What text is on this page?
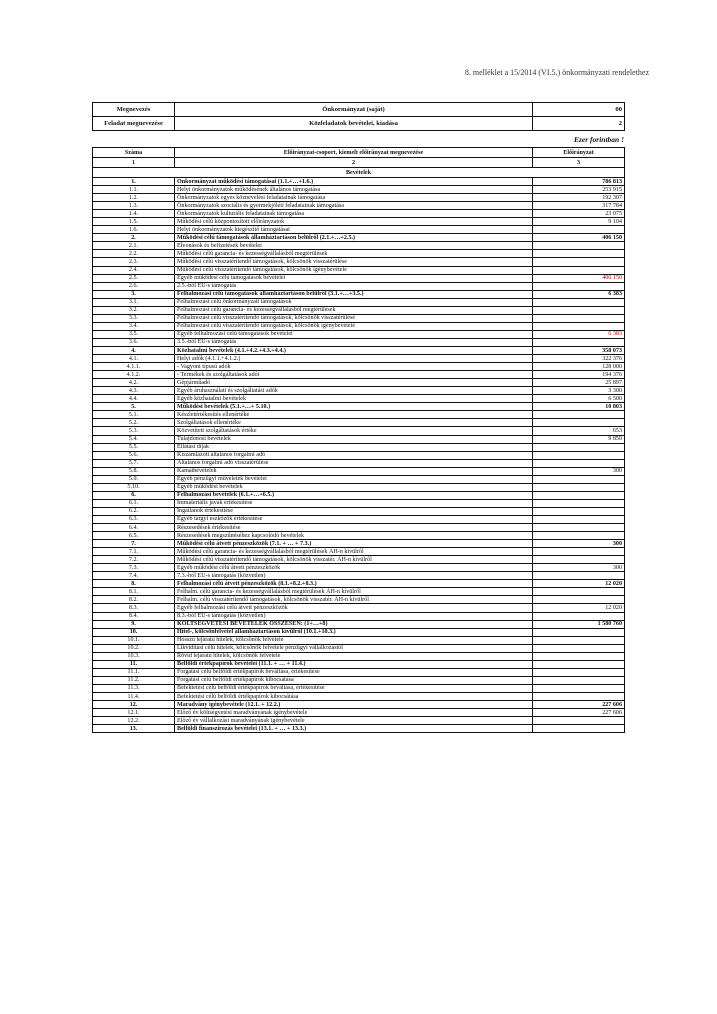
8. melléklet a 15/2014 (VI.5.) önkormányzati rendelethez
Megnevezés	Önkormányzat (saját)	00
Feladat megnevezése	Közfeladatok bevételei, kiadása	2
Ezer forintban !
Száma	Előirányzat-csoport, kiemelt előirányzat megnevezése	Előirányzat
1	2	3
Bevételek		
1.	Önkormányzat működési támogatásai (1.1.+…+1.6.)	786 813
1.1.	Helyi önkormányzatok működésének általános támogatása	253 915
1.2.	Önkormányzatok egyes köznevelési feladatainak támogatása	192 307
1.3.	Önkormányzatok szociális és gyermekjóléti feladatainak támogatása	317 784
1.4.	Önkormányzatok kulturális feladatainak támogatása	23 075
1.5.	Működési célú központosított előirányzatok	9 104
1.6.	Helyi önkormányzatok kiegészítő támogatásai	
2.	Működési célú támogatások államháztartáson belülről (2.1.+…+2.5.)	406 150
2.1.	Elvonások és befizetések bevételei	
2.2.	Működési célú garancia- és kezességvállalásból megtérülések	
2.3.	Működési célú visszatérítendő támogatások, kölcsönök visszatérülése	
2.4.	Működési célú visszatérítendő támogatások, kölcsönök igénybevétele	
2.5.	Egyéb működési célú támogatások bevételei	406 150
2.6.	2.5.-ből EU-s támogatás	
3.	Felhalmozási célú támogatások államháztartáson belülről (3.1.+…+3.5.)	6 383
3.1.	Felhalmozási célú önkormányzati támogatások	
3.2.	Felhalmozási célú garancia- és kezességvállalásból megtérülések	
3.3.	Felhalmozási célú visszatérítendő támogatások, kölcsönök visszatérülése	
3.4.	Felhalmozási célú visszatérítendő támogatások, kölcsönök igénybevétele	
3.5.	Egyéb felhalmozási célú támogatások bevételei	6 383
3.6.	3.5.-ből EU-s támogatás	
4.	Közhatalmi bevételek (4.1.+4.2.+4.3.+4.4.)	358 073
4.1.	Helyi adók (4.1.1.+4.1.2.)	322 376
4.1.1.	- Vagyoni típusú adók	128 000
4.1.2.	- Termékek és szolgáltatások adói	194 376
4.2.	Gépjárműadó	25 897
4.3.	Egyéb áruhasználati és szolgáltatási adók	3 300
4.4.	Egyéb közhatalmi bevételek	6 500
5.	Működési bevételek (5.1.+…+ 5.10.)	10 803
5.1.	Készletértékesítés ellenértéke	
5.2.	Szolgáltatások ellenértéke	
5.3.	Közvetített szolgáltatások értéke	653
5.4.	Tulajdonosi bevételek	9 850
5.5.	Ellátási díjak	
5.6.	Kiszámlázott általános forgalmi adó	
5.7.	Általános forgalmi adó visszatérülése	
5.8.	Kamatbevételek	300
5.9.	Egyéb pénzügyi műveletek bevételei	
5.10.	Egyéb működési bevételek	
6.	Felhalmozási bevételek (6.1.+…+6.5.)	
6.1.	Immateriális javak értékesítése	
6.2.	Ingatlanok értékesítése	
6.3.	Egyéb tárgyi eszközök értékesítése	
6.4.	Részesedések értékesítése	
6.5.	Részesedések megszűnéséhez kapcsolódó bevételek	
7.	Működési célú átvett pénzeszközök (7.1. + … + 7.3.)	300
7.1.	Működési célú garancia- és kezességvállalásból megtérülések ÁH-n kívülről	
7.2.	Működési célú visszatérítendő támogatások, kölcsönök visszatér. ÁH-n kívülről	
7.3.	Egyéb működési célú átvett pénzeszközök	300
7.4.	7.3.-ból EU-s támogatás (közvetlen)	
8.	Felhalmozási célú átvett pénzeszközök (8.1.+8.2.+8.3.)	12 020
8.1.	Felhalm. célú garancia- és kezességvállalásból megtérülések ÁH-n kívülről	
8.2.	Felhalm. célú visszatérítendő támogatások, kölcsönök visszatér. ÁH-n kívülről	
8.3.	Egyéb felhalmozási célú átvett pénzeszközök	12 020
8.4.	8.3.-ból EU-s támogatás (közvetlen)	
9.	KÖLTSÉGVETÉSI BEVÉTELEK ÖSSZESEN: (1+…+8)	1 580 760
10.	Hitel-, kölcsönfelvétel államháztartáson kívülről (10.1.+10.3.)	
10.1.	Hosszú lejáratú hitelek, kölcsönök felvétele	
10.2.	Likviditási célú hitelek, kölcsönök felvétele pénzügyi vállalkozástól	
10.3.	Rövid lejáratú hitelek, kölcsönök felvétele	
11.	Belföldi értékpapírok bevételei (11.1. + … + 11.4.)	
11.1.	Forgatási célú belföldi értékpapírok beváltása, értékesítése	
11.2.	Forgatási célú belföldi értékpapírok kibocsátása	
11.3.	Befektetési célú belföldi értékpapírok beváltása, értékesítése	
11.4.	Befektetési célú belföldi értékpapírok kibocsátása	
12.	Maradvány igénybevétele (12.1. + 12.2.)	227 606
12.1.	Előző év költségvetési maradványának igénybevétele	227 606
12.2.	Előző év vállalkozási maradványának igénybevétele	
13.	Belföldi finanszírozás bevételei (13.1. + … + 13.3.)	
